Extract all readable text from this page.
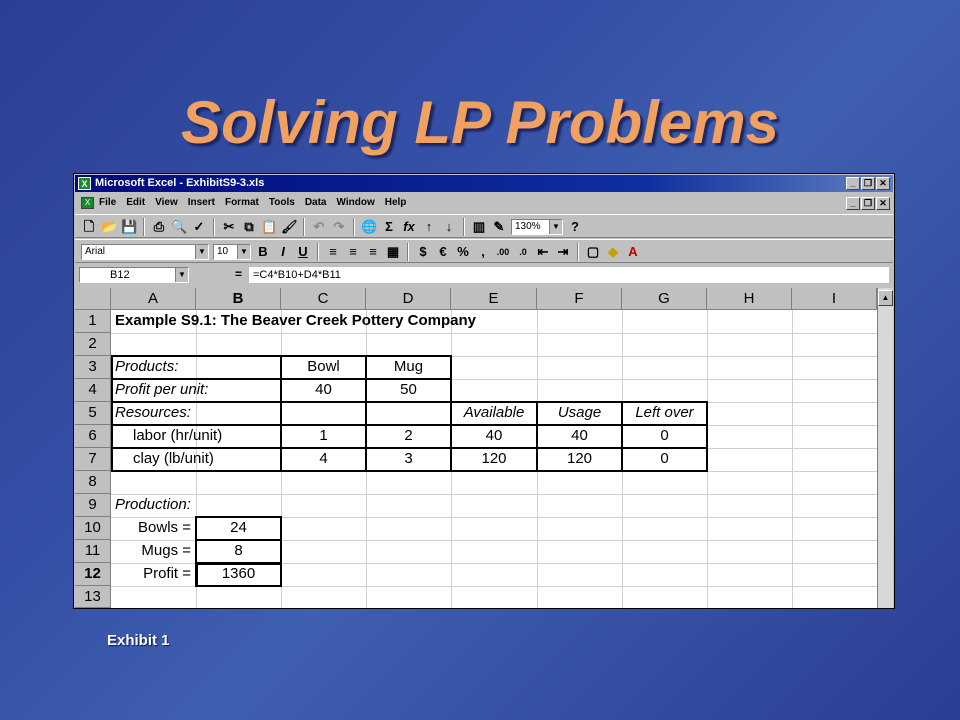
Solving LP Problems
X Microsoft Excel - ExhibitS9-3.xls	_ ❐ ✕
X File Edit View Insert Format Tools Data Window Help	_ ❐ ✕
🗋 📂 💾 ⎙ 🔍 ✓ ✂ ⧉ 📋 🖌 ↶ ↷ 🌐 Σ fx ↑	↓	▥ ✎	130%	▼ ?
Arial	▼	10	▼ B	I	U	≡ ≡ ≡ ▦	$ € % ,	.00	.0 ⇤ ⇥ ▢ ◆ A
B12	▼	= =C4*B10+D4*B11
A	B	C	D	E	F	G	H	I
1
2
3
4
5
6
7
8
9
10
11
12
13
Example S9.1: The Beaver Creek Pottery Company
Products:	Bowl	Mug
Profit per unit:	40	50
Resources:	Available	Usage	Left over
labor (hr/unit)	1	2	40	40	0
clay (lb/unit)	4	3	120	120	0
Production:
Bowls =	24
Mugs =	8
Profit =	1360
▲
Exhibit 1
